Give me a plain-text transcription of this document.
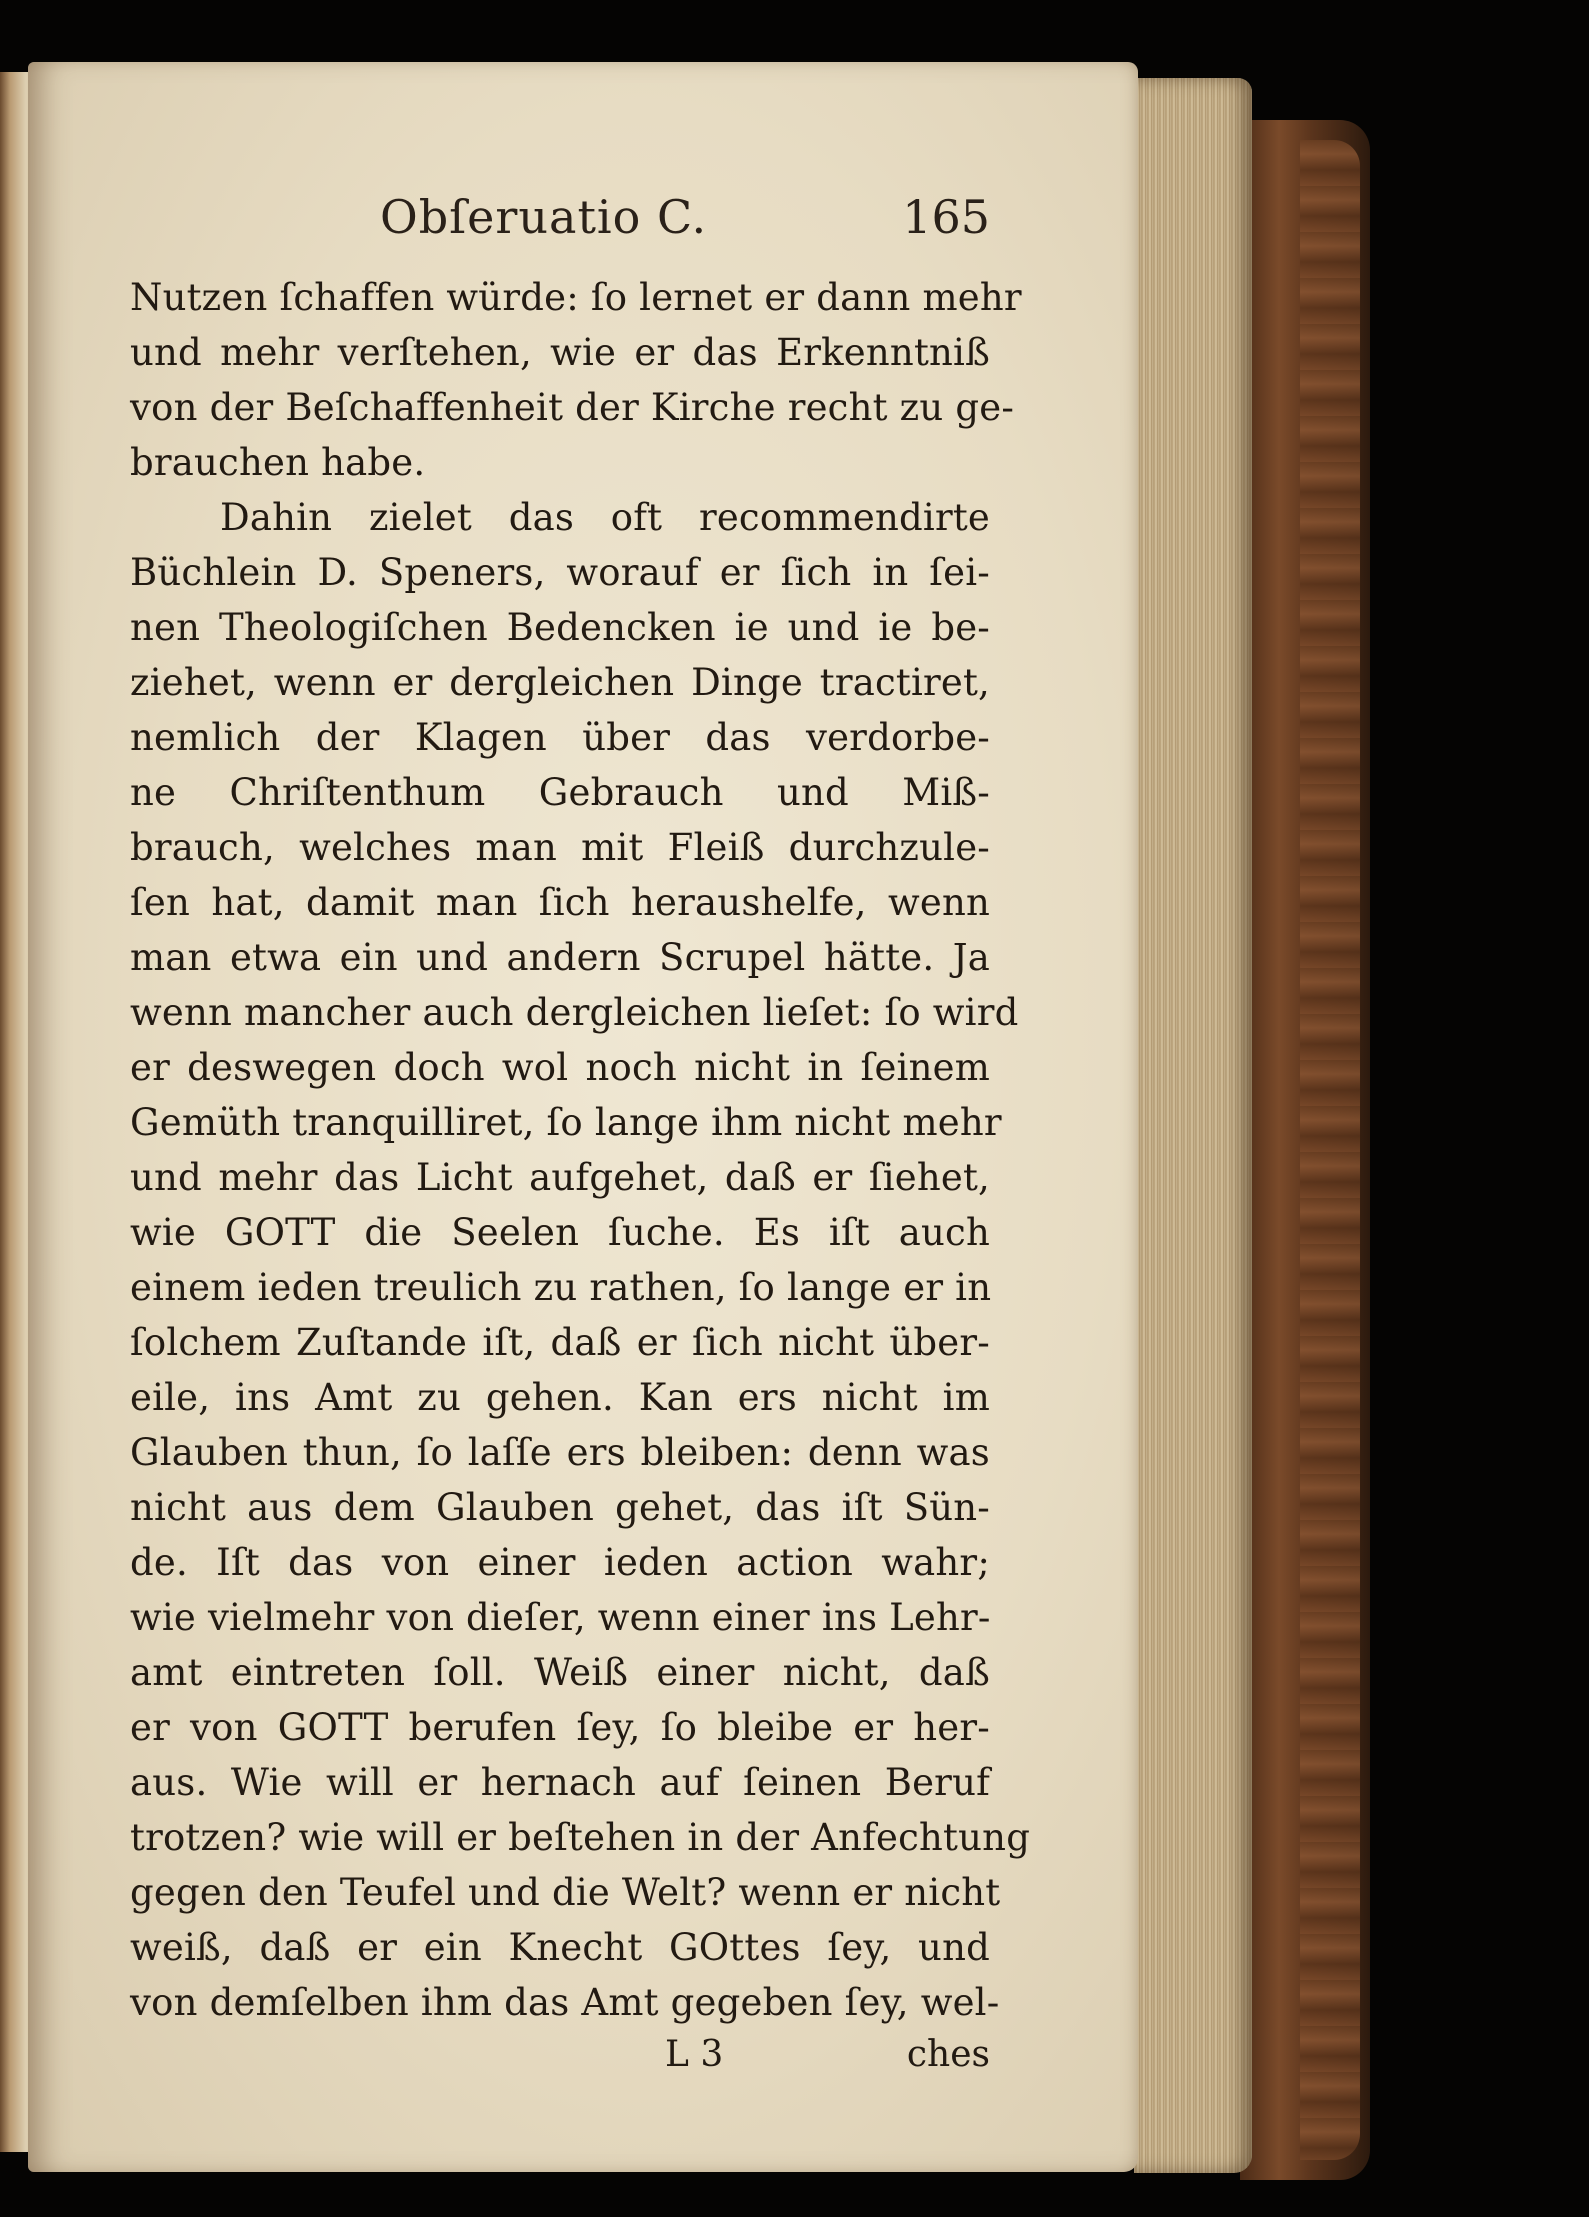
Obſeruatio C.	165
Nutzen ſchaffen würde: ſo lernet er dann mehr
und mehr verſtehen, wie er das Erkenntniß
von der Beſchaffenheit der Kirche recht zu ge-
brauchen habe.
Dahin zielet das oft recommendirte
Büchlein D. Speners, worauf er ſich in ſei-
nen Theologiſchen Bedencken ie und ie be-
ziehet, wenn er dergleichen Dinge tractiret,
nemlich der Klagen über das verdorbe-
ne Chriſtenthum Gebrauch und Miß-
brauch, welches man mit Fleiß durchzule-
ſen hat, damit man ſich heraushelfe, wenn
man etwa ein und andern Scrupel hätte. Ja
wenn mancher auch dergleichen lieſet: ſo wird
er deswegen doch wol noch nicht in ſeinem
Gemüth tranquilliret, ſo lange ihm nicht mehr
und mehr das Licht aufgehet, daß er ſiehet,
wie GOTT die Seelen ſuche. Es iſt auch
einem ieden treulich zu rathen, ſo lange er in
ſolchem Zuſtande iſt, daß er ſich nicht über-
eile, ins Amt zu gehen. Kan ers nicht im
Glauben thun, ſo laſſe ers bleiben: denn was
nicht aus dem Glauben gehet, das iſt Sün-
de. Iſt das von einer ieden action wahr;
wie vielmehr von dieſer, wenn einer ins Lehr-
amt eintreten ſoll. Weiß einer nicht, daß
er von GOTT berufen ſey, ſo bleibe er her-
aus. Wie will er hernach auf ſeinen Beruf
trotzen? wie will er beſtehen in der Anfechtung
gegen den Teufel und die Welt? wenn er nicht
weiß, daß er ein Knecht GOttes ſey, und
von demſelben ihm das Amt gegeben ſey, wel-
L 3	ches
